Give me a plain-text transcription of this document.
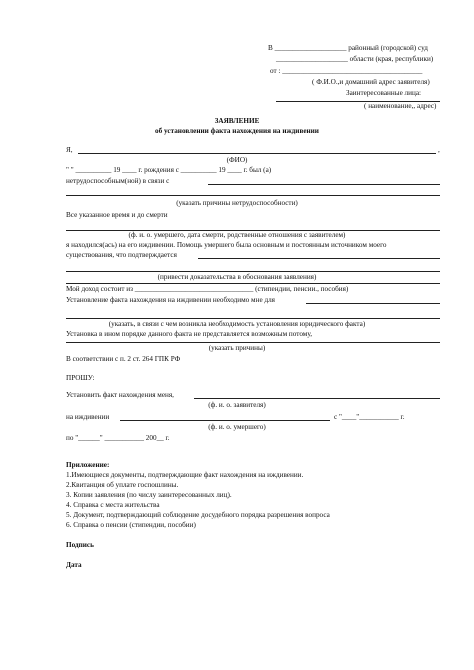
В ____________________ районный (городской) суд
____________________ области (края, республики)
от : _______________________________________
( Ф.И.О.,и домашний адрес заявителя)
Заинтересованные лица:
( наименование,, адрес)
ЗАЯВЛЕНИЕ
об установлении факта нахождения на иждивении
Я,	,
(ФИО)
" " __________ 19 ____ г. рождения с __________ 19 ____ г. был (а)
нетрудоспособным(ной) в связи с
(указать причины нетрудоспособности)
Все указанное время и до смерти
(ф. и. о. умершего, дата смерти, родственные отношения с заявителем)
я находился(ась) на его иждивении. Помощь умершего была основным и постоянным источником моего
существования, что подтверждается
(привести доказательства в обоснования заявления)
Мой доход состоит из _________________________________ (стипендии, пенсии., пособия)
Установление факта нахождения на иждивении необходимо мне для
(указать, в связи с чем возникла необходимость установления юридического факта)
Установка в ином порядке данного факта не представляется возможным потому,
(указать причины)
В соответствии с п. 2 ст. 264 ГПК РФ
ПРОШУ:
Установить факт нахождения меня,
(ф. и. о. заявителя)
на иждивении	с "____"___________ г.
(ф. и. о. умершего)
по "______" ___________ 200__ г.
Приложение:
1.Имеющиеся документы, подтверждающие факт нахождения на иждивении.
2.Квитанция об уплате госпошлины.
3. Копии заявления (по числу заинтересованных лиц).
4. Справка с места жительства
5. Документ, подтверждающий соблюдение досудебного порядка разрешения вопроса
6. Справка о пенсии (стипендии, пособии)
Подпись
Дата
